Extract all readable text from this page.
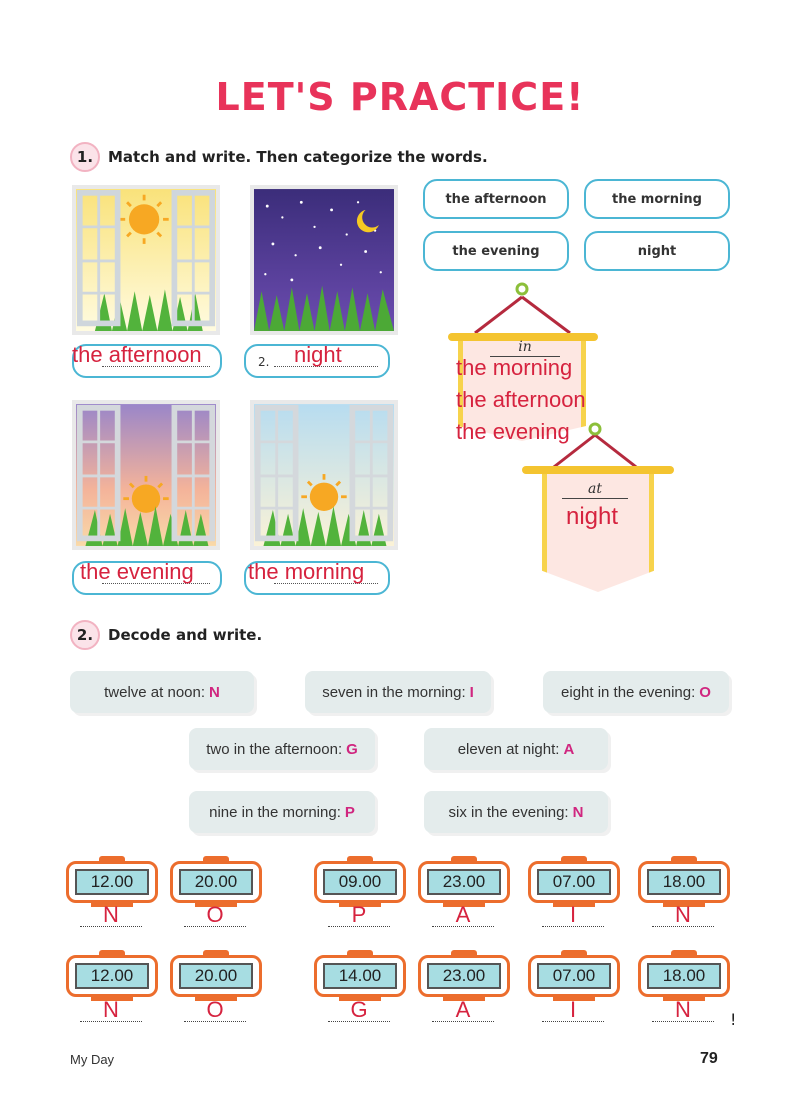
LET'S PRACTICE!
1. Match and write. Then categorize the words.
the afternoon	2. night
the evening the morning
the afternoon	the morning
the evening	night
in
the morning
the afternoon
the evening
at
night
2. Decode and write.
twelve at noon: N	seven in the morning: I	eight in the evening: O
two in the afternoon: G	eleven at night: A
nine in the morning: P	six in the evening: N
12.00	20.00	09.00	23.00	07.00	18.00
N	O	P	A	I	N
12.00	20.00	14.00	23.00	07.00	18.00
N	O	G	A	I	N	!
My Day	79
